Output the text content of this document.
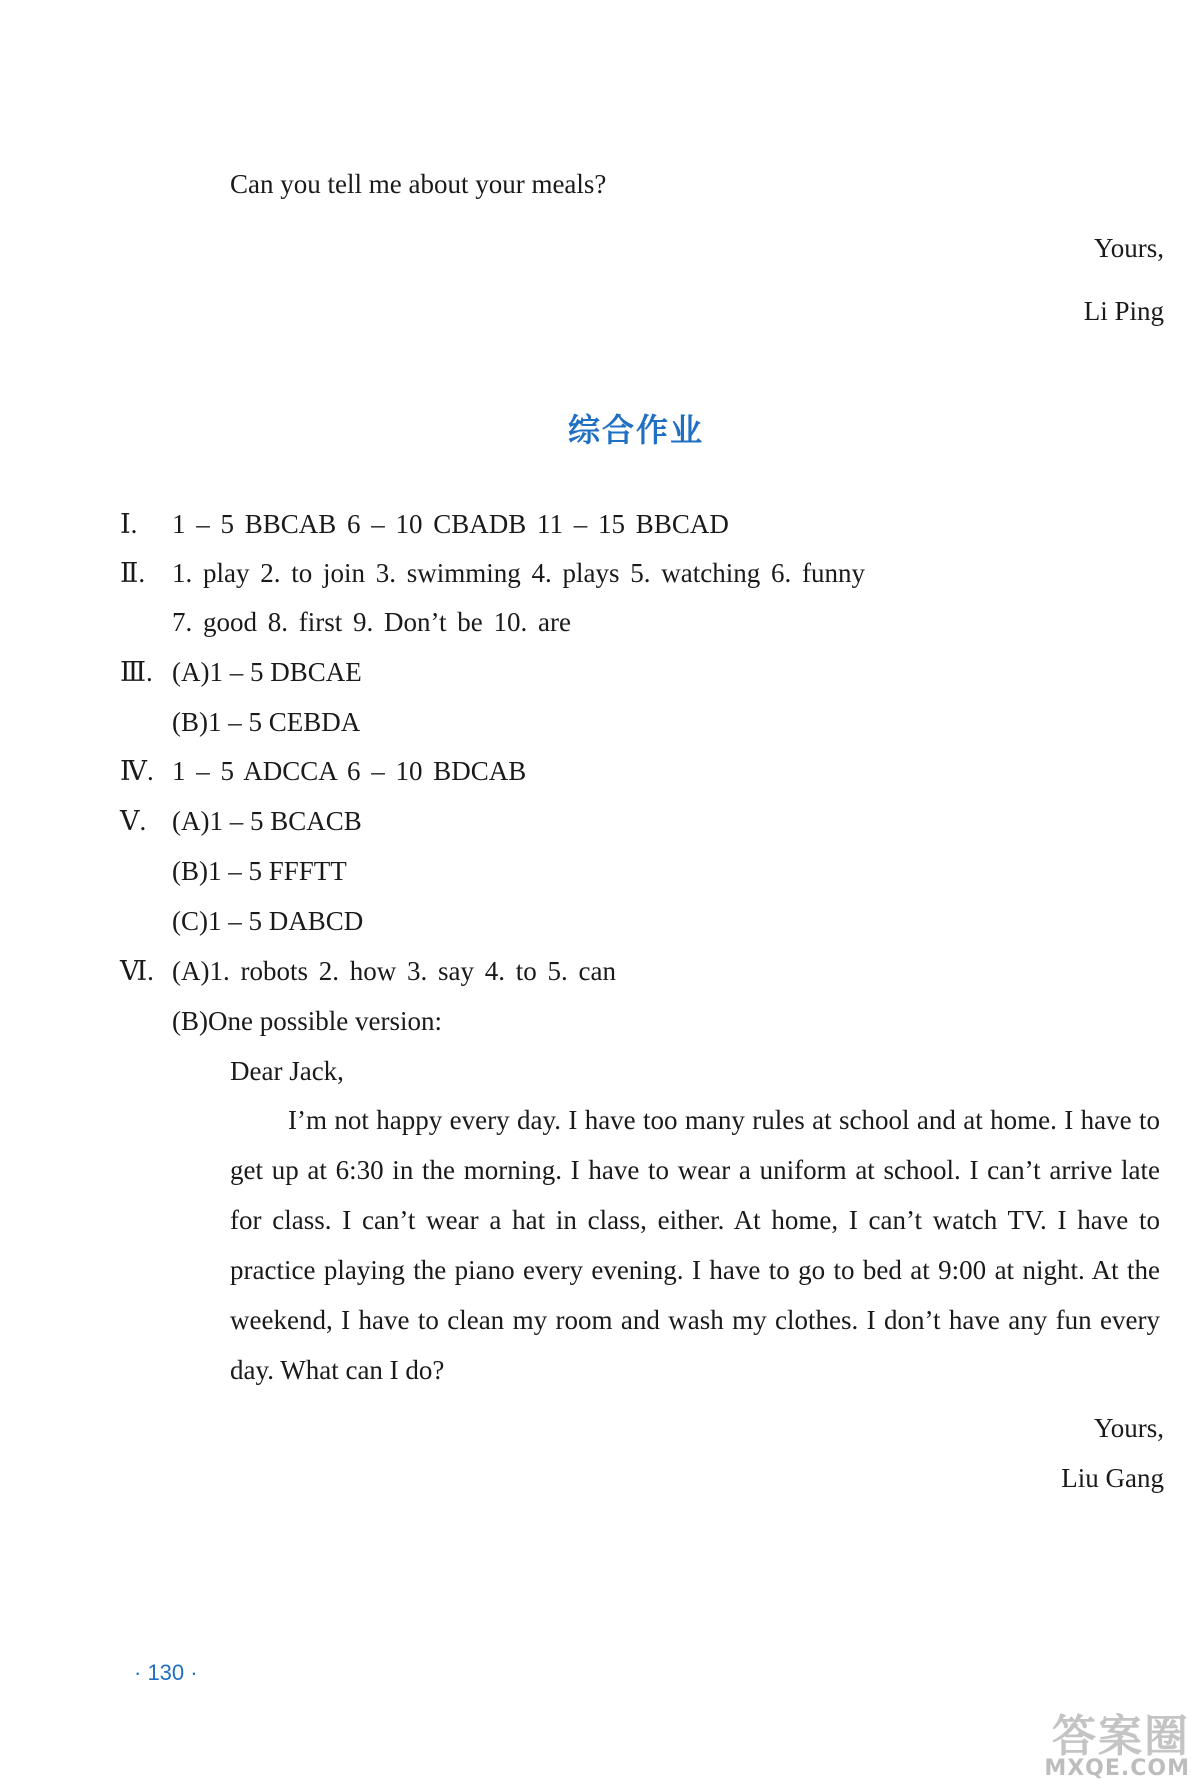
Can you tell me about your meals?
Yours,
Li Ping
综合作业
Ⅰ. 1 – 5 BBCAB 6 – 10 CBADB 11 – 15 BBCAD
Ⅱ. 1. play 2. to join 3. swimming 4. plays 5. watching 6. funny
7. good 8. first 9. Don’t be 10. are
Ⅲ. (A)1 – 5 DBCAE
(B)1 – 5 CEBDA
Ⅳ. 1 – 5 ADCCA 6 – 10 BDCAB
Ⅴ. (A)1 – 5 BCACB
(B)1 – 5 FFFTT
(C)1 – 5 DABCD
Ⅵ. (A)1. robots 2. how 3. say 4. to 5. can
(B)One possible version:
Dear Jack,
I’m not happy every day. I have too many rules at school and at home. I have to get up at 6:30 in the morning. I have to wear a uniform at school. I can’t arrive late for class. I can’t wear a hat in class, either. At home, I can’t watch TV. I have to practice playing the piano every evening. I have to go to bed at 9:00 at night. At the weekend, I have to clean my room and wash my clothes. I don’t have any fun every day. What can I do?
Yours,
Liu Gang
· 130 ·
答案圈
MXQE.COM
